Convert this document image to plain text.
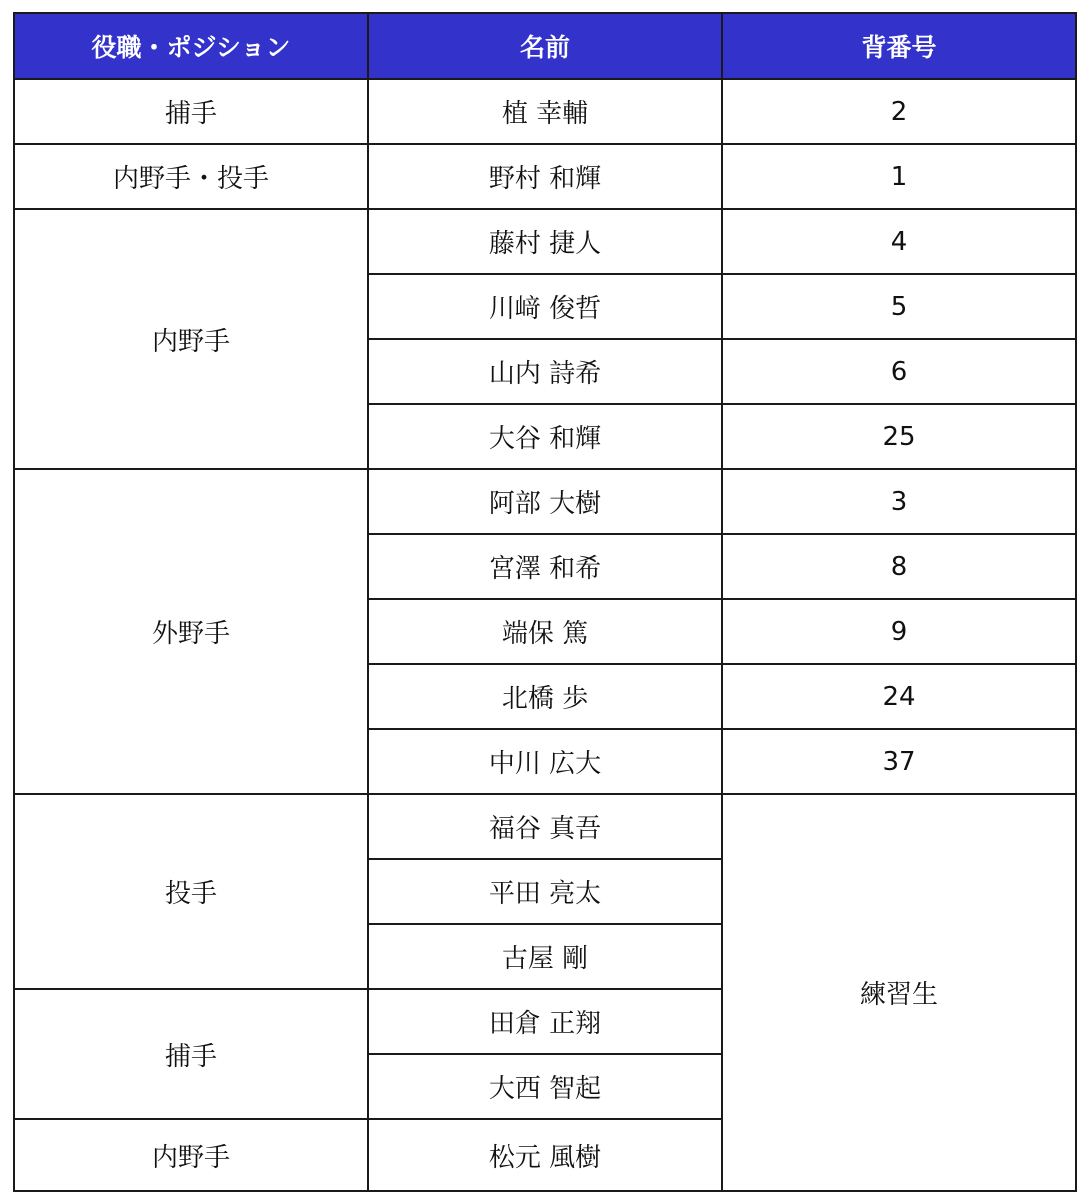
役職・ポジション	名前	背番号
捕手	植 幸輔	2
内野手・投手	野村 和輝	1
内野手	藤村 捷人	4
	川﨑 俊哲	5
	山内 詩希	6
	大谷 和輝	25
外野手	阿部 大樹	3
	宮澤 和希	8
	端保 篤	9
	北橋 歩	24
	中川 広大	37
投手	福谷 真吾	練習生
	平田 亮太	
	古屋 剛	
捕手	田倉 正翔	
	大西 智起	
内野手	松元 風樹	
